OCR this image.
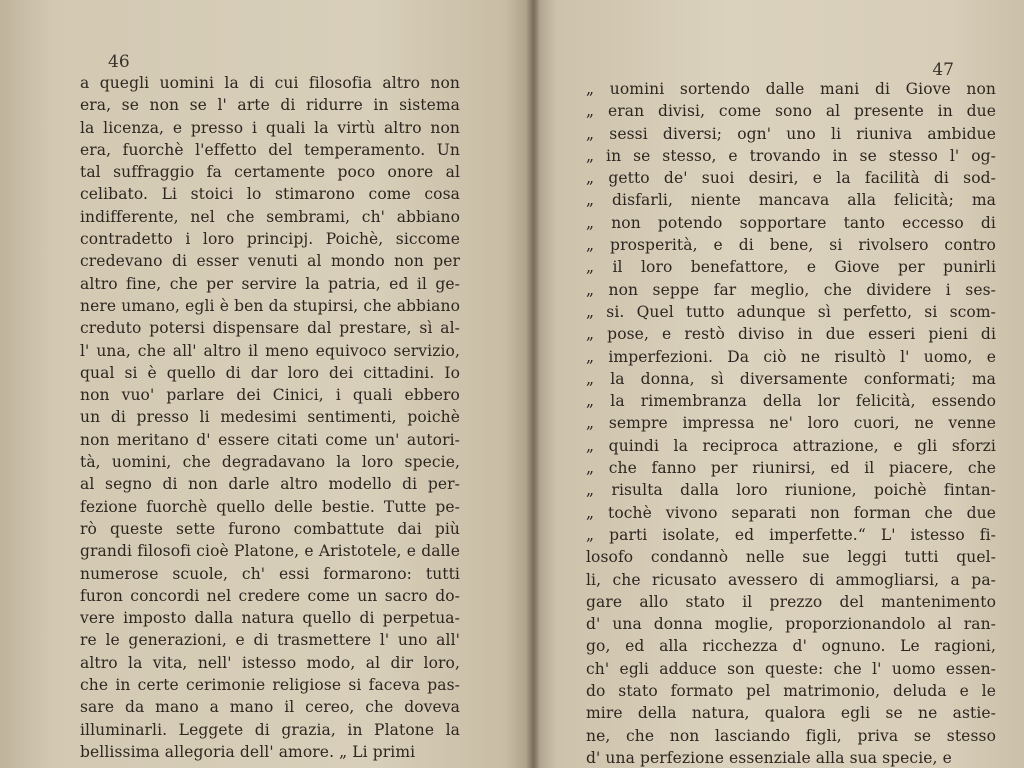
46
a quegli uomini la di cui filosofia altro non
era, se non se l' arte di ridurre in sistema
la licenza, e presso i quali la virtù altro non
era, fuorchè l'effetto del temperamento. Un
tal suffraggio fa certamente poco onore al
celibato. Li stoici lo stimarono come cosa
indifferente, nel che sembrami, ch' abbiano
contradetto i loro principj. Poichè, siccome
credevano di esser venuti al mondo non per
altro fine, che per servire la patria, ed il ge-
nere umano, egli è ben da stupirsi, che abbiano
creduto potersi dispensare dal prestare, sì al-
l' una, che all' altro il meno equivoco servizio,
qual si è quello di dar loro dei cittadini. Io
non vuo' parlare dei Cinici, i quali ebbero
un di presso li medesimi sentimenti, poichè
non meritano d' essere citati come un' autori-
tà, uomini, che degradavano la loro specie,
al segno di non darle altro modello di per-
fezione fuorchè quello delle bestie. Tutte pe-
rò queste sette furono combattute dai più
grandi filosofi cioè Platone, e Aristotele, e dalle
numerose scuole, ch' essi formarono: tutti
furon concordi nel credere come un sacro do-
vere imposto dalla natura quello di perpetua-
re le generazioni, e di trasmettere l' uno all'
altro la vita, nell' istesso modo, al dir loro,
che in certe cerimonie religiose si faceva pas-
sare da mano a mano il cereo, che doveva
illuminarli. Leggete di grazia, in Platone la
bellissima allegoria dell' amore. „ Li primi
47
„ uomini sortendo dalle mani di Giove non
„ eran divisi, come sono al presente in due
„ sessi diversi; ogn' uno li riuniva ambidue
„ in se stesso, e trovando in se stesso l' og-
„ getto de' suoi desiri, e la facilità di sod-
„ disfarli, niente mancava alla felicità; ma
„ non potendo sopportare tanto eccesso di
„ prosperità, e di bene, si rivolsero contro
„ il loro benefattore, e Giove per punirli
„ non seppe far meglio, che dividere i ses-
„ si. Quel tutto adunque sì perfetto, si scom-
„ pose, e restò diviso in due esseri pieni di
„ imperfezioni. Da ciò ne risultò l' uomo, e
„ la donna, sì diversamente conformati; ma
„ la rimembranza della lor felicità, essendo
„ sempre impressa ne' loro cuori, ne venne
„ quindi la reciproca attrazione, e gli sforzi
„ che fanno per riunirsi, ed il piacere, che
„ risulta dalla loro riunione, poichè fintan-
„ tochè vivono separati non forman che due
„ parti isolate, ed imperfette.“ L' istesso fi-
losofo condannò nelle sue leggi tutti quel-
li, che ricusato avessero di ammogliarsi, a pa-
gare allo stato il prezzo del mantenimento
d' una donna moglie, proporzionandolo al ran-
go, ed alla ricchezza d' ognuno. Le ragioni,
ch' egli adduce son queste: che l' uomo essen-
do stato formato pel matrimonio, deluda e le
mire della natura, qualora egli se ne astie-
ne, che non lasciando figli, priva se stesso
d' una perfezione essenziale alla sua specie, e
